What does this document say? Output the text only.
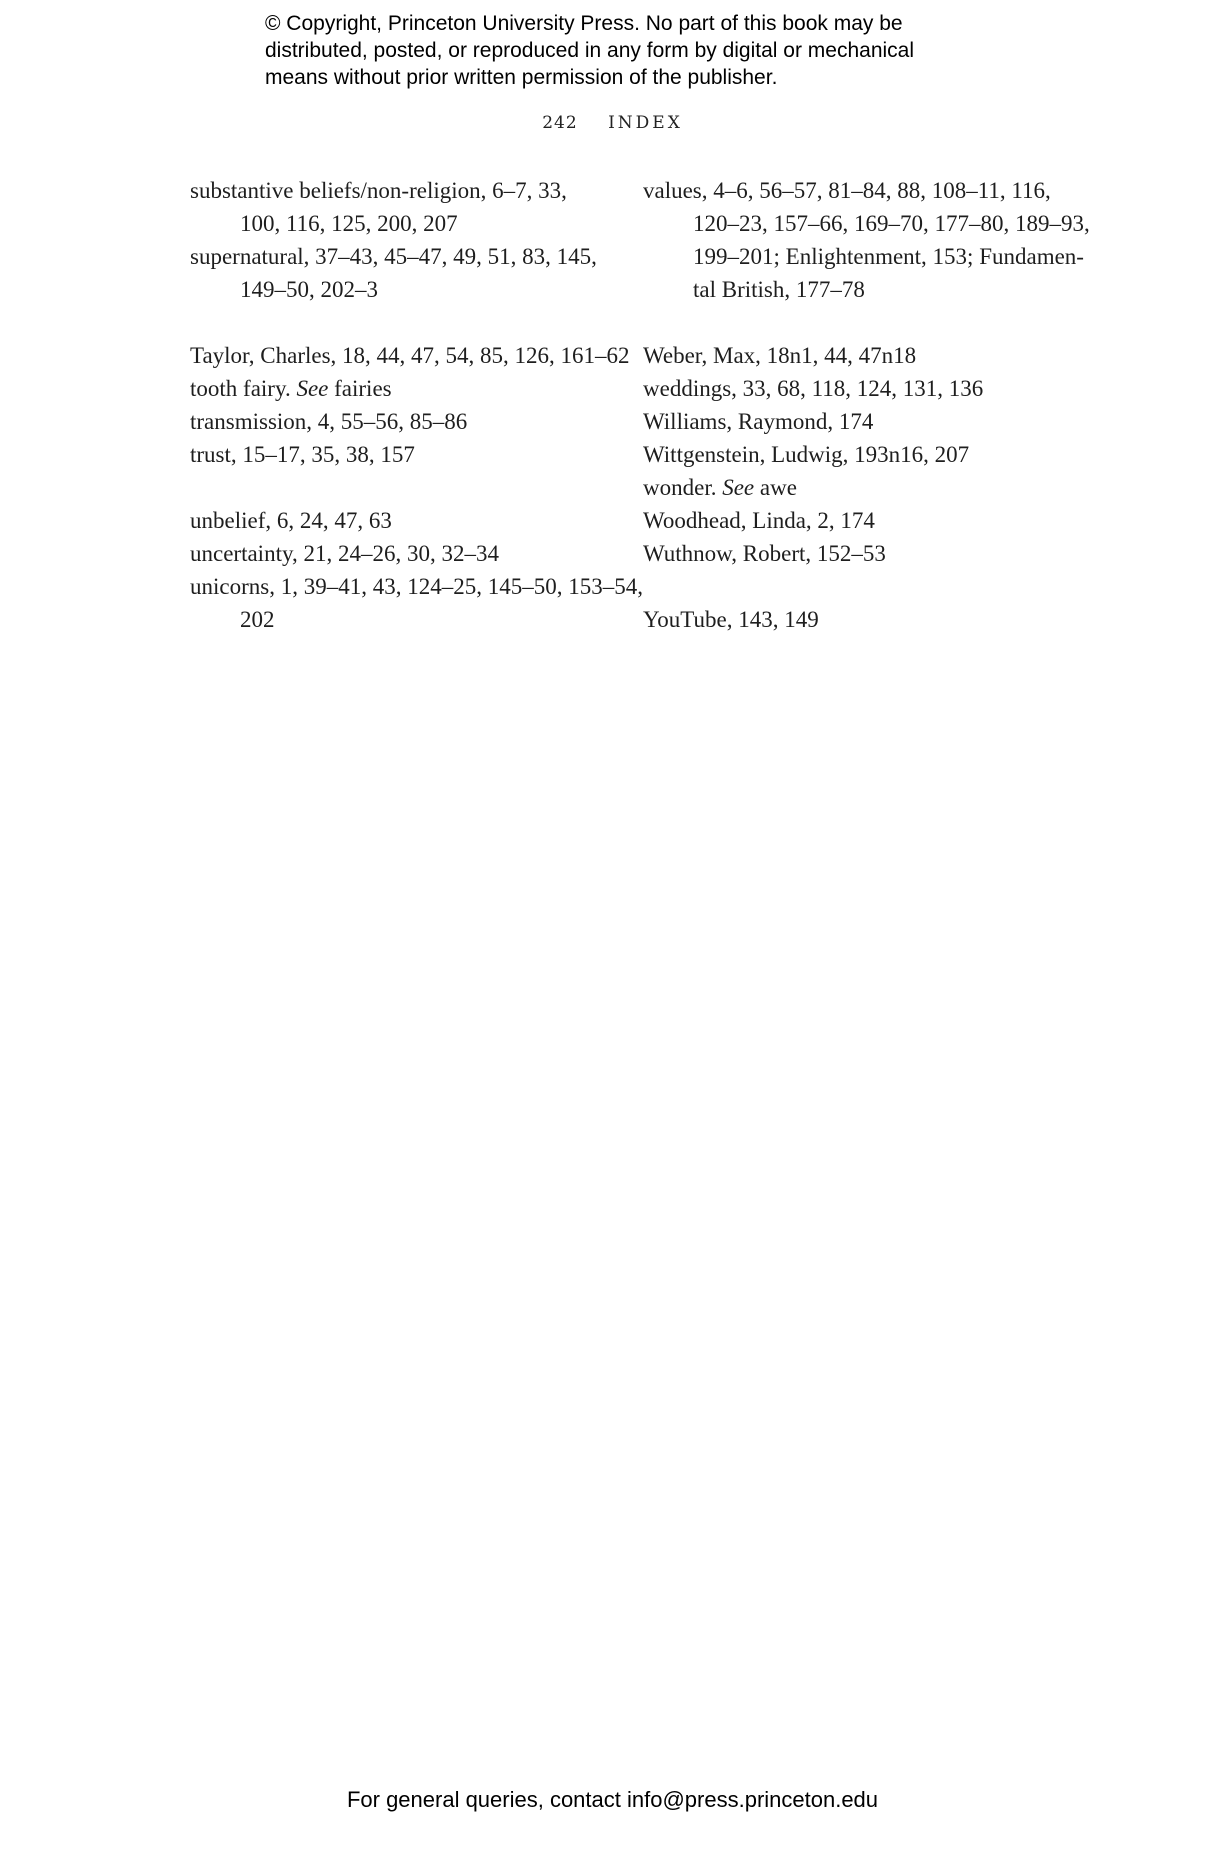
© Copyright, Princeton University Press. No part of this book may be
distributed, posted, or reproduced in any form by digital or mechanical
means without prior written permission of the publisher.
242 INDEX
substantive beliefs/non-religion, 6–7, 33,
100, 116, 125, 200, 207
supernatural, 37–43, 45–47, 49, 51, 83, 145,
149–50, 202–3
Taylor, Charles, 18, 44, 47, 54, 85, 126, 161–62
tooth fairy. See fairies
transmission, 4, 55–56, 85–86
trust, 15–17, 35, 38, 157
unbelief, 6, 24, 47, 63
uncertainty, 21, 24–26, 30, 32–34
unicorns, 1, 39–41, 43, 124–25, 145–50, 153–54,
202
values, 4–6, 56–57, 81–84, 88, 108–11, 116,
120–23, 157–66, 169–70, 177–80, 189–93,
199–201; Enlightenment, 153; Fundamen-
tal British, 177–78
Weber, Max, 18n1, 44, 47n18
weddings, 33, 68, 118, 124, 131, 136
Williams, Raymond, 174
Wittgenstein, Ludwig, 193n16, 207
wonder. See awe
Woodhead, Linda, 2, 174
Wuthnow, Robert, 152–53
YouTube, 143, 149
For general queries, contact info@press.princeton.edu
